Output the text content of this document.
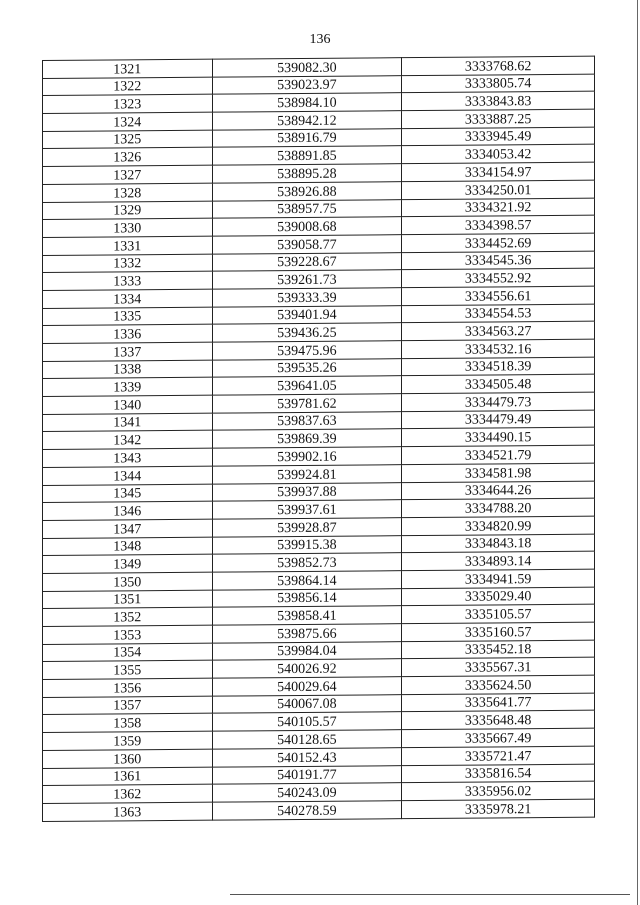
136
1321	539082.30	3333768.62
1322	539023.97	3333805.74
1323	538984.10	3333843.83
1324	538942.12	3333887.25
1325	538916.79	3333945.49
1326	538891.85	3334053.42
1327	538895.28	3334154.97
1328	538926.88	3334250.01
1329	538957.75	3334321.92
1330	539008.68	3334398.57
1331	539058.77	3334452.69
1332	539228.67	3334545.36
1333	539261.73	3334552.92
1334	539333.39	3334556.61
1335	539401.94	3334554.53
1336	539436.25	3334563.27
1337	539475.96	3334532.16
1338	539535.26	3334518.39
1339	539641.05	3334505.48
1340	539781.62	3334479.73
1341	539837.63	3334479.49
1342	539869.39	3334490.15
1343	539902.16	3334521.79
1344	539924.81	3334581.98
1345	539937.88	3334644.26
1346	539937.61	3334788.20
1347	539928.87	3334820.99
1348	539915.38	3334843.18
1349	539852.73	3334893.14
1350	539864.14	3334941.59
1351	539856.14	3335029.40
1352	539858.41	3335105.57
1353	539875.66	3335160.57
1354	539984.04	3335452.18
1355	540026.92	3335567.31
1356	540029.64	3335624.50
1357	540067.08	3335641.77
1358	540105.57	3335648.48
1359	540128.65	3335667.49
1360	540152.43	3335721.47
1361	540191.77	3335816.54
1362	540243.09	3335956.02
1363	540278.59	3335978.21
